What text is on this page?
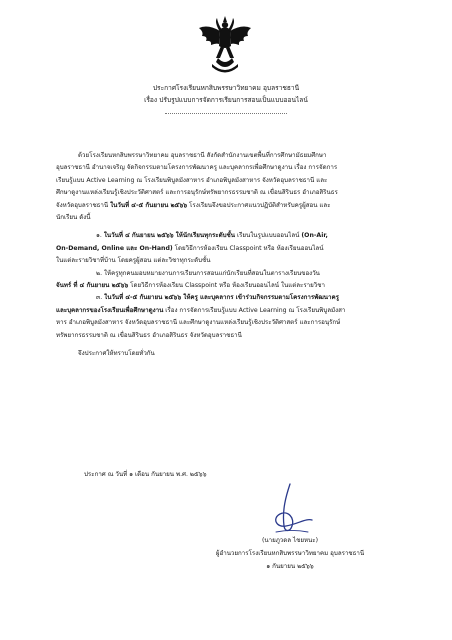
ประกาศโรงเรียนหกสิบพรรษาวิทยาคม อุบลราชธานี
เรื่อง ปรับรูปแบบการจัดการเรียนการสอนเป็นแบบออนไลน์

ด้วยโรงเรียนหกสิบพรรษาวิทยาคม อุบลราชธานี สังกัดสำนักงานเขตพื้นที่การศึกษามัธยมศึกษา

อุบลราชธานี อำนาจเจริญ จัดกิจกรรมตามโครงการพัฒนาครู และบุคลากรเพื่อศึกษาดูงาน เรื่อง การจัดการ

เรียนรู้แบบ Active Learning ณ โรงเรียนพิบูลมังสาหาร อำเภอพิบูลมังสาหาร จังหวัดอุบลราชธานี และ

ศึกษาดูงานแหล่งเรียนรู้เชิงประวัติศาสตร์ และการอนุรักษ์ทรัพยากรธรรมชาติ ณ เขื่อนสิรินธร อำเภอสิรินธร

จังหวัดอุบลราชธานี ในวันที่ ๔-๕ กันยายน ๒๕๖๖ โรงเรียนจึงขอประกาศแนวปฏิบัติสำหรับครูผู้สอน และ

นักเรียน ดังนี้

๑. ในวันที่ ๔ กันยายน ๒๕๖๖ ให้นักเรียนทุกระดับชั้น เรียนในรูปแบบออนไลน์ (On-Air,

On-Demand, Online และ On-Hand) โดยวิธีการห้องเรียน Classpoint หรือ ห้องเรียนออนไลน์

ในแต่ละรายวิชาที่บ้าน โดยครูผู้สอน แต่ละวิชาทุกระดับชั้น

๒. ให้ครูทุกคนมอบหมายงานการเรียนการสอนแก่นักเรียนที่สอนในตารางเรียนของวัน

จันทร์ ที่ ๔ กันยายน ๒๕๖๖ โดยวิธีการห้องเรียน Classpoint หรือ ห้องเรียนออนไลน์ ในแต่ละรายวิชา

๓. ในวันที่ ๔-๕ กันยายน ๒๕๖๖ ให้ครู และบุคลากร เข้าร่วมกิจกรรมตามโครงการพัฒนาครู

และบุคลากรของโรงเรียนเพื่อศึกษาดูงาน เรื่อง การจัดการเรียนรู้แบบ Active Learning ณ โรงเรียนพิบูลมังสา

หาร อำเภอพิบูลมังสาหาร จังหวัดอุบลราชธานี และศึกษาดูงานแหล่งเรียนรู้เชิงประวัติศาสตร์ และการอนุรักษ์

ทรัพยากรธรรมชาติ ณ เขื่อนสิรินธร อำเภอสิรินธร จังหวัดอุบลราชธานี

จึงประกาศให้ทราบโดยทั่วกัน

ประกาศ ณ วันที่ ๑ เดือน กันยายน พ.ศ. ๒๕๖๖
(นายภูวดล ไชยหนะ)
ผู้อำนวยการโรงเรียนหกสิบพรรษาวิทยาคม อุบลราชธานี
๑ กันยายน ๒๕๖๖
